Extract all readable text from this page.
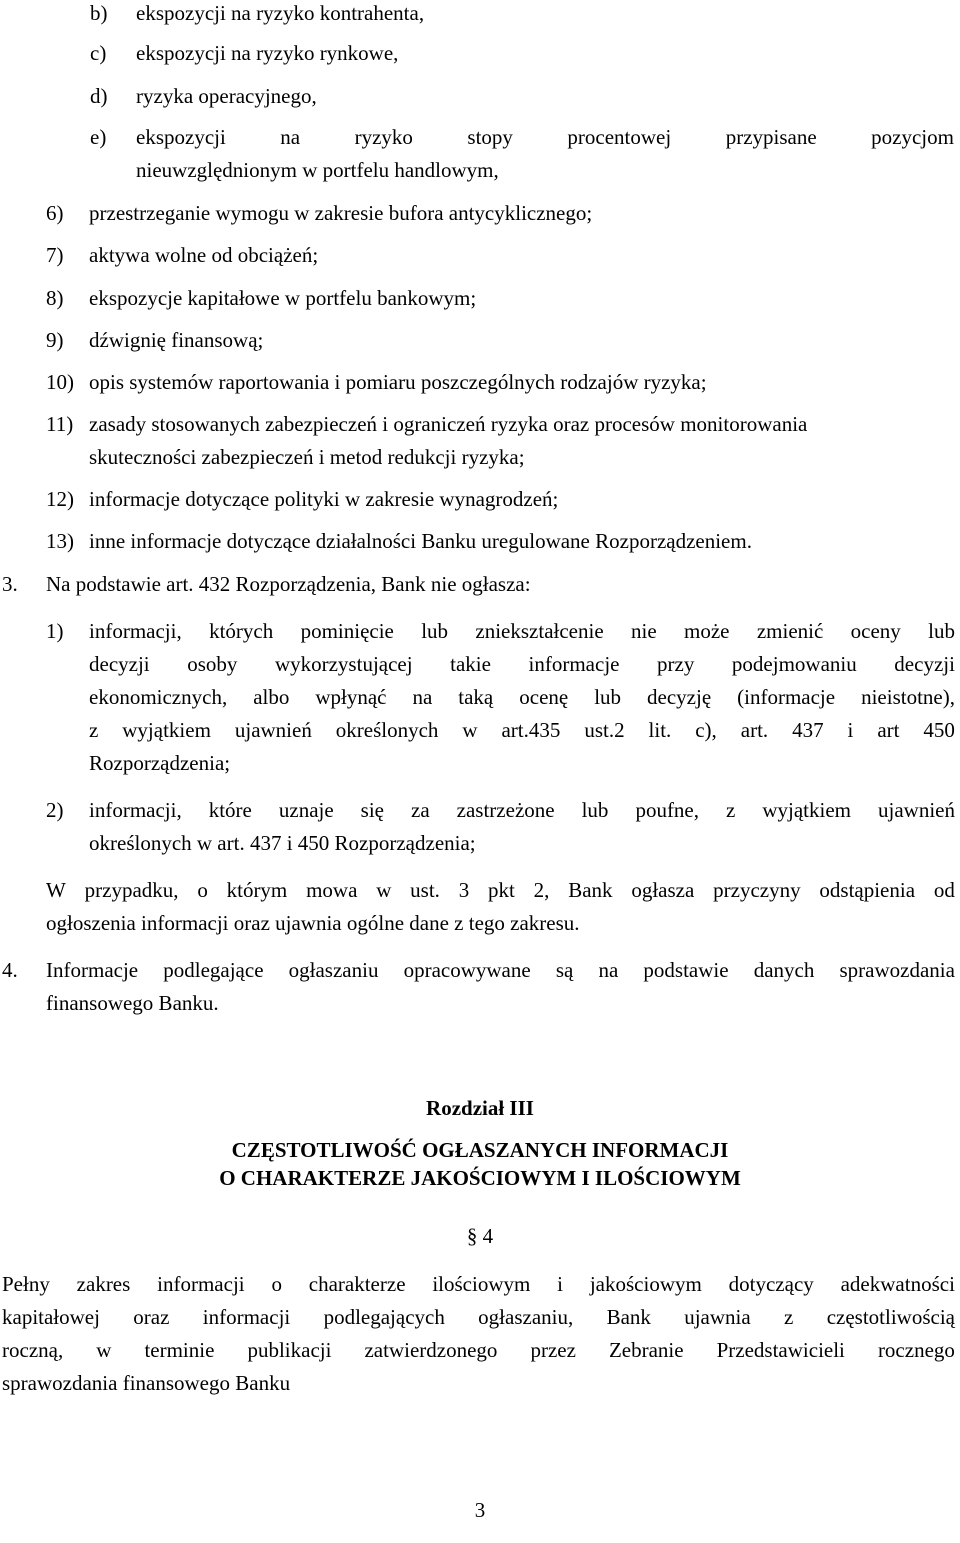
b) ekspozycji na ryzyko kontrahenta,
c) ekspozycji na ryzyko rynkowe,
d) ryzyka operacyjnego,
e) ekspozycji	na	ryzyko	stopy	procentowej	przypisane	pozycjom
nieuwzględnionym w portfelu handlowym,
6) przestrzeganie wymogu w zakresie bufora antycyklicznego;
7) aktywa wolne od obciążeń;
8) ekspozycje kapitałowe w portfelu bankowym;
9) dźwignię finansową;
10) opis systemów raportowania i pomiaru poszczególnych rodzajów ryzyka;
11) zasady stosowanych zabezpieczeń i ograniczeń ryzyka oraz procesów monitorowania
skuteczności zabezpieczeń i metod redukcji ryzyka;
12) informacje dotyczące polityki w zakresie wynagrodzeń;
13) inne informacje dotyczące działalności Banku uregulowane Rozporządzeniem.
3. Na podstawie art. 432 Rozporządzenia, Bank nie ogłasza:
1) informacji, których pominięcie lub zniekształcenie nie może zmienić oceny lub
decyzji osoby wykorzystującej takie informacje przy podejmowaniu decyzji
ekonomicznych, albo wpłynąć na taką ocenę lub decyzję (informacje nieistotne),
z wyjątkiem ujawnień określonych w art.435 ust.2 lit. c), art. 437 i art 450
Rozporządzenia;
2) informacji, które uznaje się za zastrzeżone lub poufne, z wyjątkiem ujawnień
określonych w art. 437 i 450 Rozporządzenia;
W przypadku, o którym mowa w ust. 3 pkt 2, Bank ogłasza przyczyny odstąpienia od
ogłoszenia informacji oraz ujawnia ogólne dane z tego zakresu.
4. Informacje podlegające ogłaszaniu opracowywane są na podstawie danych sprawozdania
finansowego Banku.
Rozdział III
CZĘSTOTLIWOŚĆ OGŁASZANYCH INFORMACJI
O CHARAKTERZE JAKOŚCIOWYM I ILOŚCIOWYM
§ 4
Pełny zakres informacji o charakterze ilościowym i jakościowym dotyczący adekwatności
kapitałowej oraz informacji podlegających ogłaszaniu, Bank ujawnia z częstotliwością
roczną, w terminie publikacji zatwierdzonego przez Zebranie Przedstawicieli rocznego
sprawozdania finansowego Banku
3
